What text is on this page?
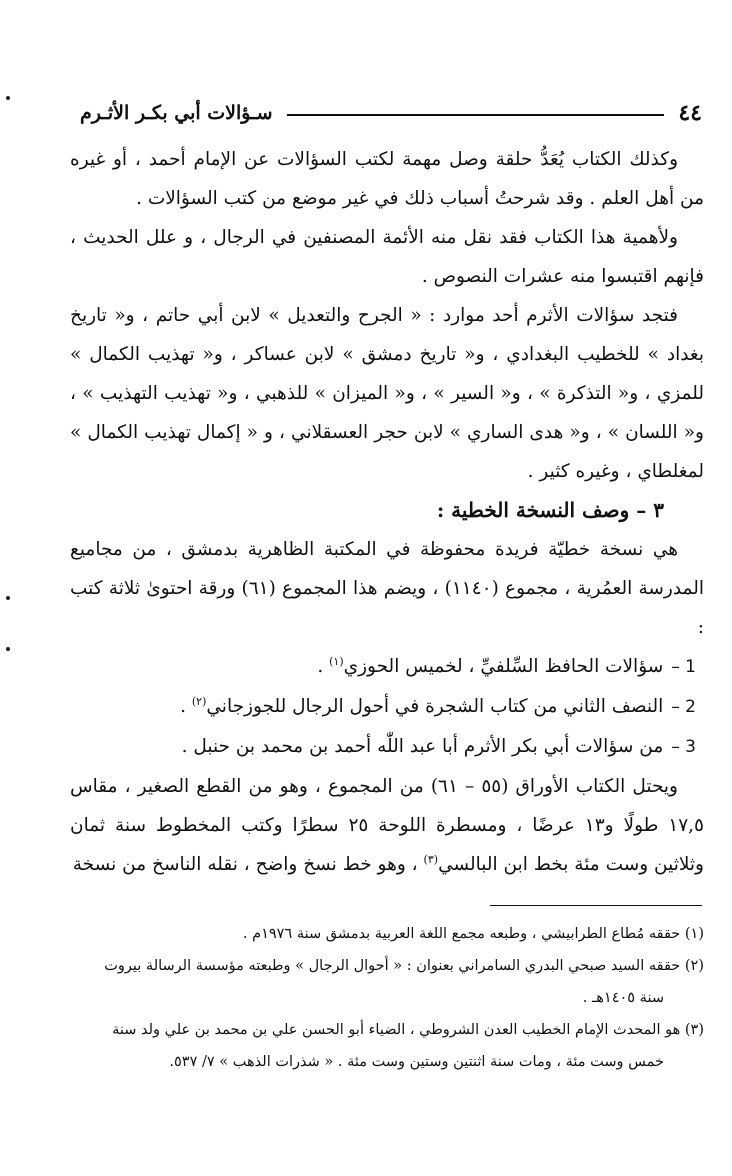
٤٤
سـؤالات أبي بكـر الأثـرم

وكذلك الكتاب يُعَدُّ حلقة وصل مهمة لكتب السؤالات عن الإمام أحمد ، أو غيره من أهل العلم . وقد شرحتُ أسباب ذلك في غير موضع من كتب السؤالات .

ولأهمية هذا الكتاب فقد نقل منه الأئمة المصنفين في الرجال ، و علل الحديث ، فإنهم اقتبسوا منه عشرات النصوص .

فتجد سؤالات الأثرم أحد موارد : « الجرح والتعديل » لابن أبي حاتم ، و« تاريخ بغداد » للخطيب البغدادي ، و« تاريخ دمشق » لابن عساكر ، و« تهذيب الكمال » للمزي ، و« التذكرة » ، و« السير » ، و« الميزان » للذهبي ، و« تهذيب التهذيب » ، و« اللسان » ، و« هدى الساري » لابن حجر العسقلاني ، و « إكمال تهذيب الكمال » لمغلطاي ، وغيره كثير .

٣ – وصف النسخة الخطية :

هي نسخة خطيّة فريدة محفوظة في المكتبة الظاهرية بدمشق ، من مجاميع المدرسة العمُرية ، مجموع (١١٤٠) ، ويضم هذا المجموع (٦١) ورقة احتوىٰ ثلاثة كتب :

1 –سؤالات الحافظ السِّلفيِّ ، لخميس الحوزي$^{(١)}$ .

2 –النصف الثاني من كتاب الشجرة في أحول الرجال للجوزجاني$^{(٢)}$ .

3 –من سؤالات أبي بكر الأثرم أبا عبد اللّٰه أحمد بن محمد بن حنبل .

ويحتل الكتاب الأوراق (٥٥ – ٦١) من المجموع ، وهو من القطع الصغير ، مقاس ١٧,٥ طولًا و١٣ عرضًا ، ومسطرة اللوحة ٢٥ سطرًا وكتب المخطوط سنة ثمان وثلاثين وست مئة بخط ابن البالسي$^{(٣)}$ ، وهو خط نسخ واضح ، نقله الناسخ من نسخة

(١) حققه مُطاع الطرابيشي ، وطبعه مجمع اللغة العربية بدمشق سنة ١٩٧٦م .

(٢) حققه السيد صبحي البدري السامراني بعنوان : « أحوال الرجال » وطبعته مؤسسة الرسالة بيروت

سنة ١٤٠٥هـ .

(٣) هو المحدث الإمام الخطيب العدن الشروطي ، الضياء أبو الحسن علي بن محمد بن علي ولد سنة

خمس وست مئة ، ومات سنة اثنتين وستين وست مئة . « شذرات الذهب » ٧/ ٥٣٧.
